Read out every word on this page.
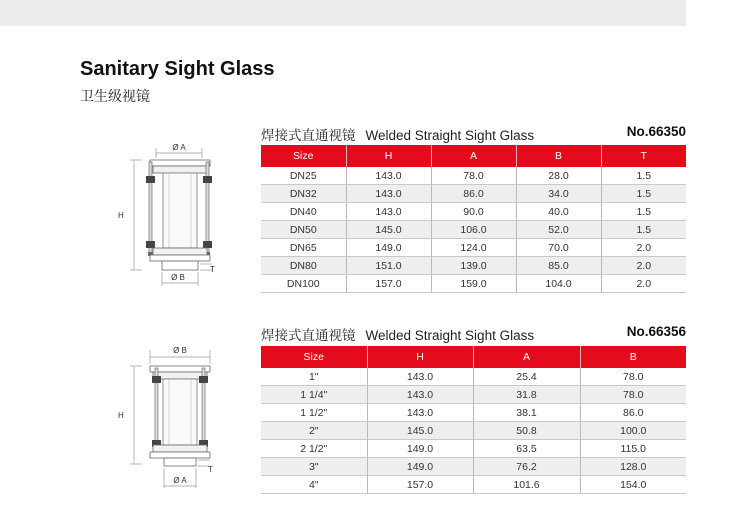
Sanitary Sight Glass
卫生级视镜
焊接式直通视镜 Welded Straight Sight Glass	No.66350
Ø A
H
T
Ø B
Size	H	A	B	T
DN25	143.0	78.0	28.0	1.5
DN32	143.0	86.0	34.0	1.5
DN40	143.0	90.0	40.0	1.5
DN50	145.0	106.0	52.0	1.5
DN65	149.0	124.0	70.0	2.0
DN80	151.0	139.0	85.0	2.0
DN100	157.0	159.0	104.0	2.0
焊接式直通视镜 Welded Straight Sight Glass	No.66356
Ø B
H
T
Ø A
Size	H	A	B
1"	143.0	25.4	78.0
1 1/4"	143.0	31.8	78.0
1 1/2"	143.0	38.1	86.0
2"	145.0	50.8	100.0
2 1/2"	149.0	63.5	115.0
3"	149.0	76.2	128.0
4"	157.0	101.6	154.0
